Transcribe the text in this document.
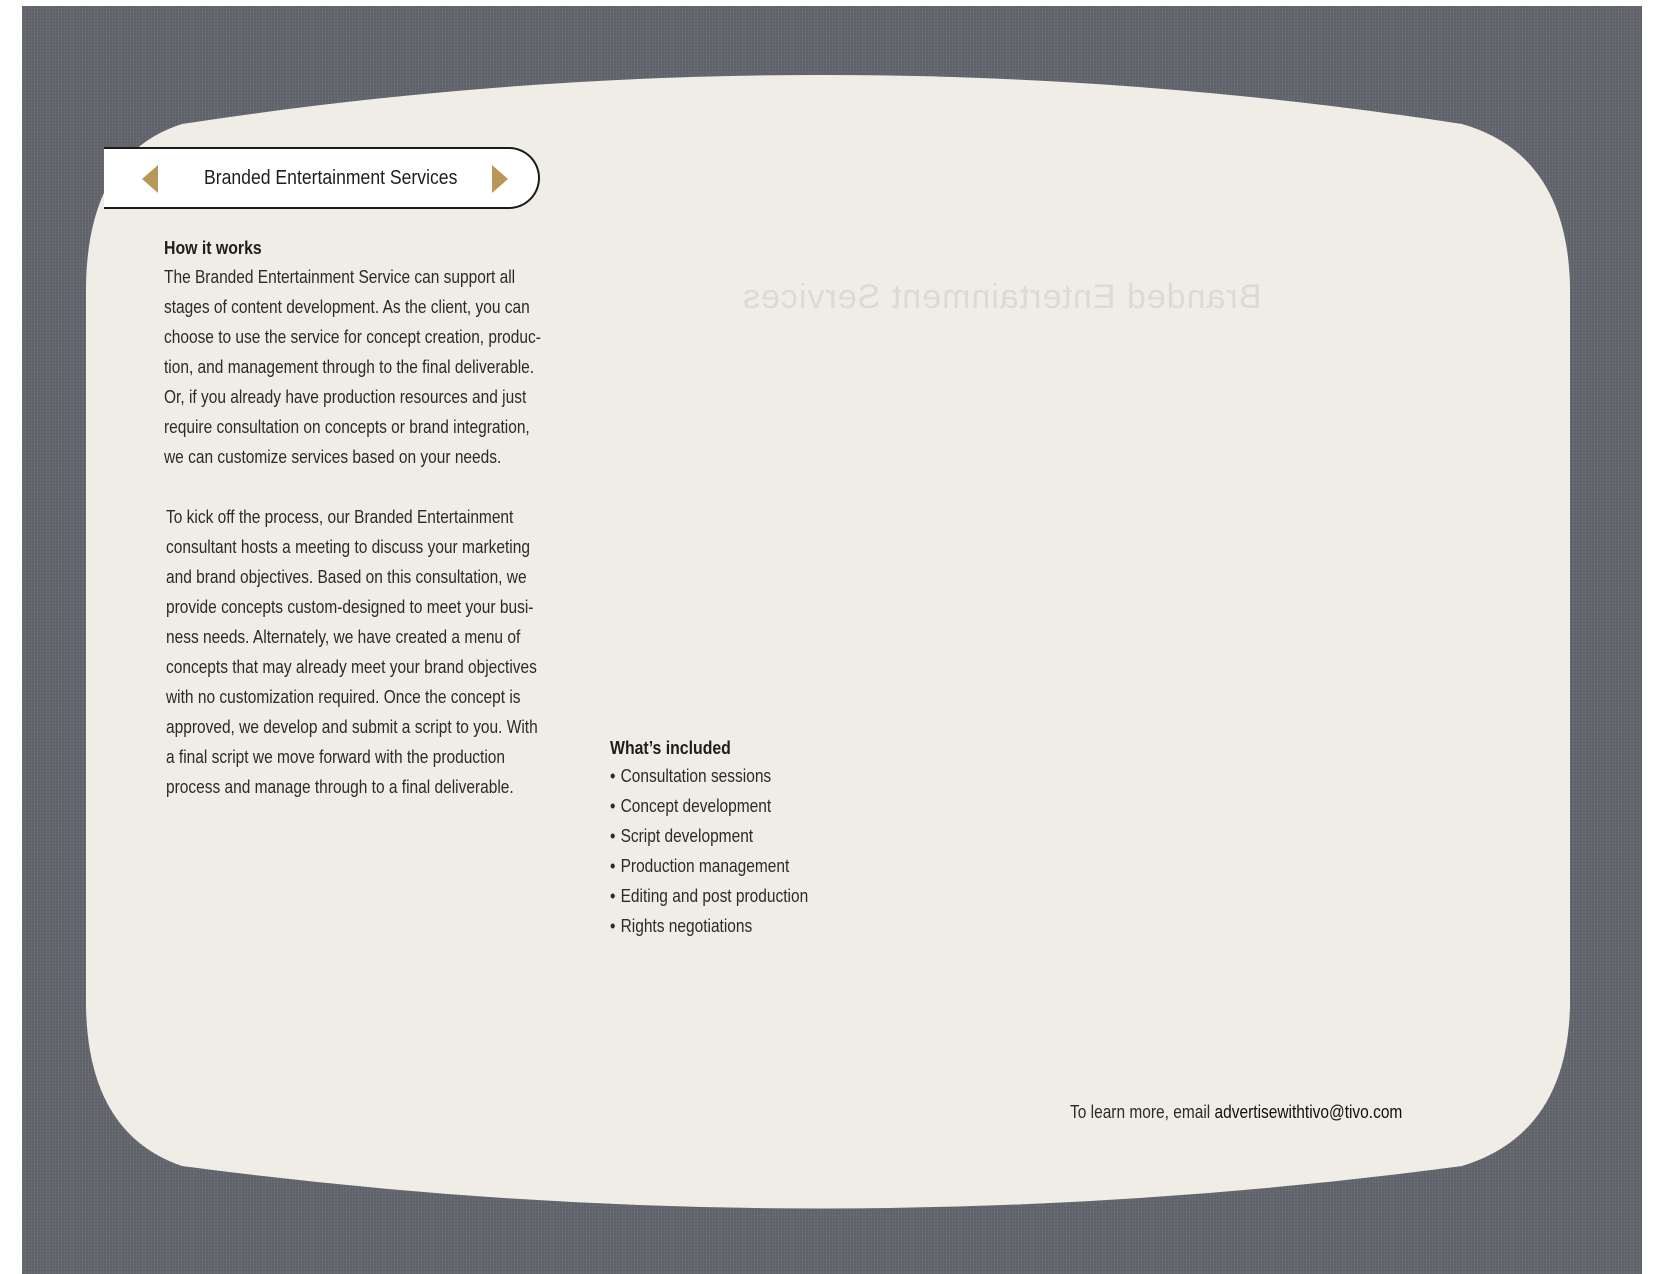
Branded Entertainment Services
Branded Entertainment Services
How it works
The Branded Entertainment Service can support all
stages of content development. As the client, you can
choose to use the service for concept creation, produc-
tion, and management through to the final deliverable.
Or, if you already have production resources and just
require consultation on concepts or brand integration,
we can customize services based on your needs.
To kick off the process, our Branded Entertainment
consultant hosts a meeting to discuss your marketing
and brand objectives. Based on this consultation, we
provide concepts custom-designed to meet your busi-
ness needs. Alternately, we have created a menu of
concepts that may already meet your brand objectives
with no customization required. Once the concept is
approved, we develop and submit a script to you. With
a final script we move forward with the production
process and manage through to a final deliverable.
What’s included
• Consultation sessions
• Concept development
• Script development
• Production management
• Editing and post production
• Rights negotiations
To learn more, email advertisewithtivo@tivo.com
